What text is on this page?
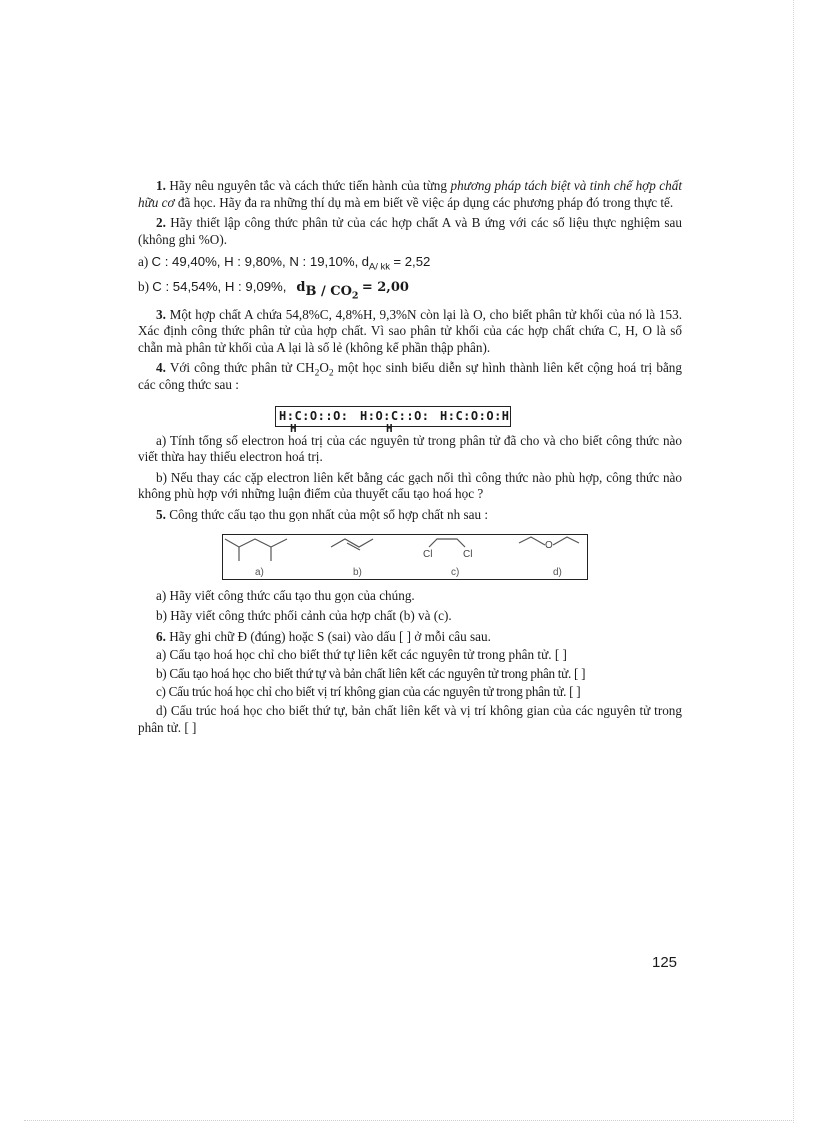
1. Hãy nêu nguyên tắc và cách thức tiến hành của từng phương pháp tách biệt và tinh chế hợp chất hữu cơ đã học. Hãy đa ra những thí dụ mà em biết về việc áp dụng các phương pháp đó trong thực tế.

2. Hãy thiết lập công thức phân tử của các hợp chất A và B ứng với các số liệu thực nghiệm sau (không ghi %O).

a) C : 49,40%, H : 9,80%, N : 19,10%, $d_{A/ kk} = 2,52$

b) C : 54,54%, H : 9,09%, $d_{B / CO_2} = 2,00$

3. Một hợp chất A chứa 54,8%C, 4,8%H, 9,3%N còn lại là O, cho biết phân tử khối của nó là 153. Xác định công thức phân tử của hợp chất. Vì sao phân tử khối của các hợp chất chứa C, H, O là số chẵn mà phân tử khối của A lại là số lẻ (không kể phần thập phân).

4. Với công thức phân tử $CH_2O_2$ một học sinh biểu diễn sự hình thành liên kết cộng hoá trị bằng các công thức sau :

H:C:O::O:
H
H:O:C::O:
H
H:C:O:O:H

a) Tính tổng số electron hoá trị của các nguyên tử trong phân tử đã cho và cho biết công thức nào viết thừa hay thiếu electron hoá trị.

b) Nếu thay các cặp electron liên kết bằng các gạch nối thì công thức nào phù hợp, công thức nào không phù hợp với những luận điểm của thuyết cấu tạo hoá học ?

5. Công thức cấu tạo thu gọn nhất của một số hợp chất nh sau :

Cl	Cl
O
a)	b)	c)	d)

a) Hãy viết công thức cấu tạo thu gọn của chúng.

b) Hãy viết công thức phối cảnh của hợp chất (b) và (c).

6. Hãy ghi chữ Đ (đúng) hoặc S (sai) vào dấu [ ] ở mỗi câu sau.

a) Cấu tạo hoá học chỉ cho biết thứ tự liên kết các nguyên tử trong phân tử. [ ]

b) Cấu tạo hoá học cho biết thứ tự và bản chất liên kết các nguyên tử trong phân tử. [ ]

c) Cấu trúc hoá học chỉ cho biết vị trí không gian của các nguyên tử trong phân tử. [ ]

d) Cấu trúc hoá học cho biết thứ tự, bản chất liên kết và vị trí không gian của các nguyên tử trong phân tử. [ ]

125
